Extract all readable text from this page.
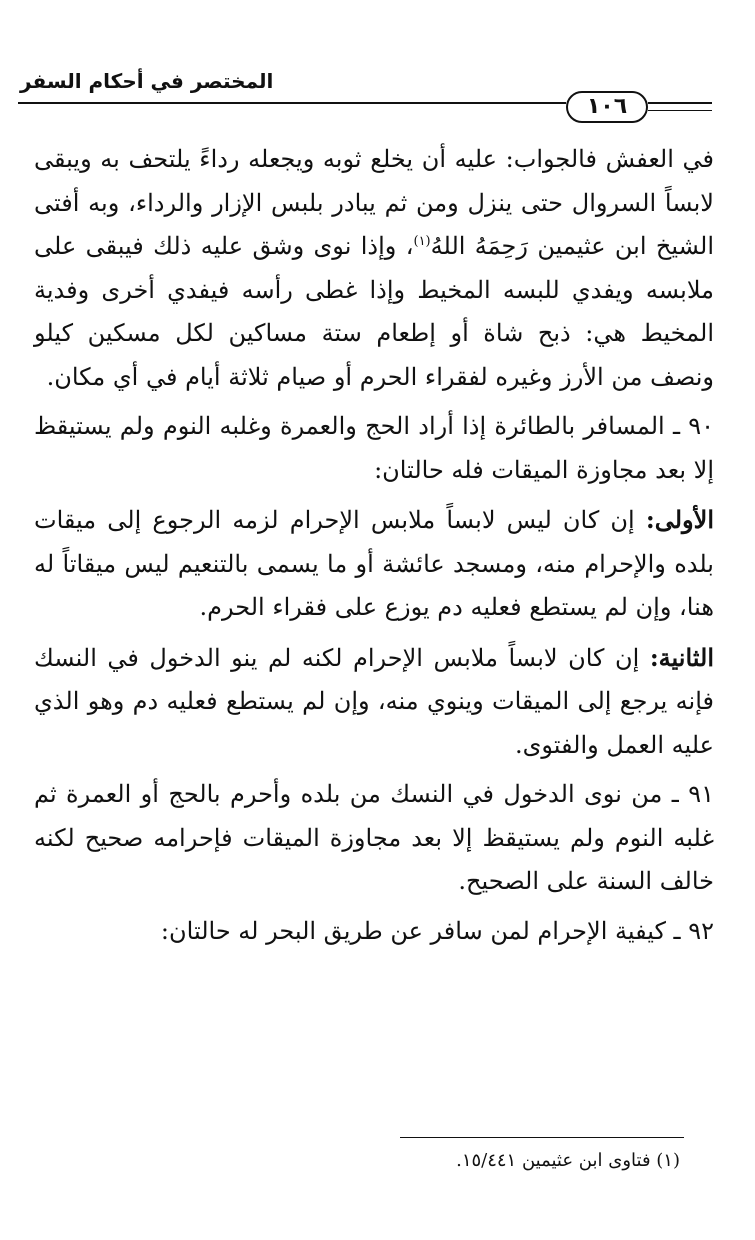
المختصر في أحكام السفر
١٠٦

في العفش فالجواب: عليه أن يخلع ثوبه ويجعله رداءً يلتحف به ويبقى لابساً السروال حتى ينزل ومن ثم يبادر بلبس الإزار والرداء، وبه أفتى الشيخ ابن عثيمين رَحِمَهُ اللهُ$^{(١)}$، وإذا نوى وشق عليه ذلك فيبقى على ملابسه ويفدي للبسه المخيط وإذا غطى رأسه فيفدي أخرى وفدية المخيط هي: ذبح شاة أو إطعام ستة مساكين لكل مسكين كيلو ونصف من الأرز وغيره لفقراء الحرم أو صيام ثلاثة أيام في أي مكان.

٩٠ ـ المسافر بالطائرة إذا أراد الحج والعمرة وغلبه النوم ولم يستيقظ إلا بعد مجاوزة الميقات فله حالتان:

الأولى: إن كان ليس لابساً ملابس الإحرام لزمه الرجوع إلى ميقات بلده والإحرام منه، ومسجد عائشة أو ما يسمى بالتنعيم ليس ميقاتاً له هنا، وإن لم يستطع فعليه دم يوزع على فقراء الحرم.

الثانية: إن كان لابساً ملابس الإحرام لكنه لم ينو الدخول في النسك فإنه يرجع إلى الميقات وينوي منه، وإن لم يستطع فعليه دم وهو الذي عليه العمل والفتوى.

٩١ ـ من نوى الدخول في النسك من بلده وأحرم بالحج أو العمرة ثم غلبه النوم ولم يستيقظ إلا بعد مجاوزة الميقات فإحرامه صحيح لكنه خالف السنة على الصحيح.

٩٢ ـ كيفية الإحرام لمن سافر عن طريق البحر له حالتان:

(١) فتاوى ابن عثيمين ١٥/٤٤١.
